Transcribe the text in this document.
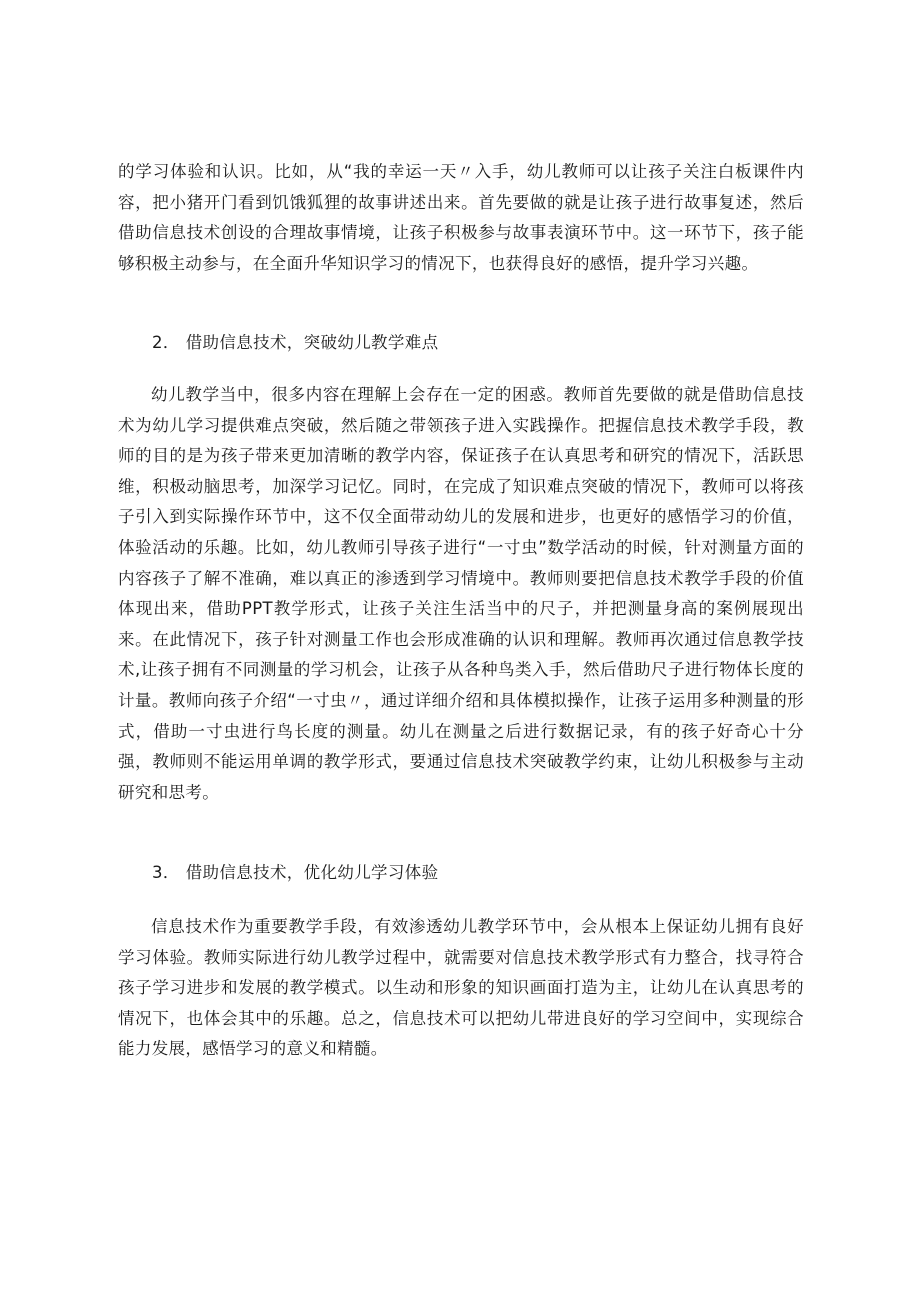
的学习体验和认识。比如，从“我的幸运一天〃入手，幼儿教师可以让孩子关注白板课件内容，把小猪开门看到饥饿狐狸的故事讲述出来。首先要做的就是让孩子进行故事复述，然后借助信息技术创设的合理故事情境，让孩子积极参与故事表演环节中。这一环节下，孩子能够积极主动参与，在全面升华知识学习的情况下，也获得良好的感悟，提升学习兴趣。

2． 借助信息技术，突破幼儿教学难点

幼儿教学当中，很多内容在理解上会存在一定的困惑。教师首先要做的就是借助信息技术为幼儿学习提供难点突破，然后随之带领孩子进入实践操作。把握信息技术教学手段，教师的目的是为孩子带来更加清晰的教学内容，保证孩子在认真思考和研究的情况下，活跃思维，积极动脑思考，加深学习记忆。同时，在完成了知识难点突破的情况下，教师可以将孩子引入到实际操作环节中，这不仅全面带动幼儿的发展和进步，也更好的感悟学习的价值，体验活动的乐趣。比如，幼儿教师引导孩子进行“一寸虫”数学活动的时候，针对测量方面的内容孩子了解不准确，难以真正的渗透到学习情境中。教师则要把信息技术教学手段的价值体现出来，借助PPT教学形式，让孩子关注生活当中的尺子，并把测量身高的案例展现出来。在此情况下，孩子针对测量工作也会形成准确的认识和理解。教师再次通过信息教学技术,让孩子拥有不同测量的学习机会，让孩子从各种鸟类入手，然后借助尺子进行物体长度的计量。教师向孩子介绍“一寸虫〃，通过详细介绍和具体模拟操作，让孩子运用多种测量的形式，借助一寸虫进行鸟长度的测量。幼儿在测量之后进行数据记录，有的孩子好奇心十分强，教师则不能运用单调的教学形式，要通过信息技术突破教学约束，让幼儿积极参与主动研究和思考。

3． 借助信息技术，优化幼儿学习体验

信息技术作为重要教学手段，有效渗透幼儿教学环节中，会从根本上保证幼儿拥有良好学习体验。教师实际进行幼儿教学过程中，就需要对信息技术教学形式有力整合，找寻符合孩子学习进步和发展的教学模式。以生动和形象的知识画面打造为主，让幼儿在认真思考的情况下，也体会其中的乐趣。总之，信息技术可以把幼儿带进良好的学习空间中，实现综合能力发展，感悟学习的意义和精髓。
